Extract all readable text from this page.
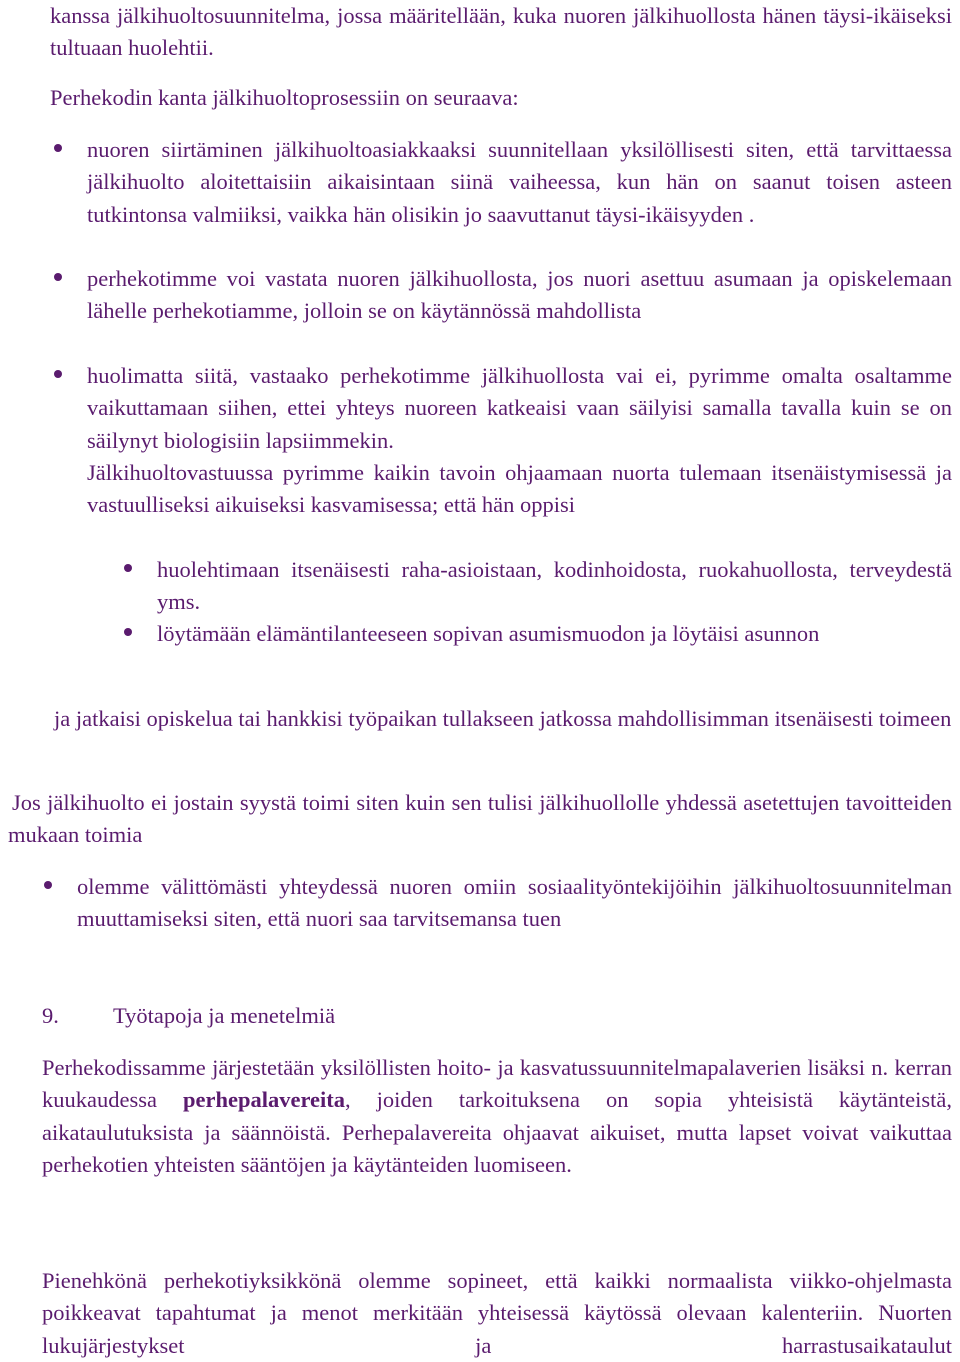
kanssa jälkihuoltosuunnitelma, jossa määritellään, kuka nuoren jälkihuollosta hänen täysi-ikäiseksi tultuaan huolehtii.

Perhekodin kanta jälkihuoltoprosessiin on seuraava:

nuoren siirtäminen jälkihuoltoasiakkaaksi suunnitellaan yksilöllisesti siten, että tarvittaessa jälkihuolto aloitettaisiin aikaisintaan siinä vaiheessa, kun hän on saanut toisen asteen tutkintonsa valmiiksi, vaikka hän olisikin jo saavuttanut täysi-ikäisyyden .

perhekotimme voi vastata nuoren jälkihuollosta, jos nuori asettuu asumaan ja opiskelemaan lähelle perhekotiamme, jolloin se on käytännössä mahdollista

huolimatta siitä, vastaako perhekotimme jälkihuollosta vai ei, pyrimme omalta osaltamme vaikuttamaan siihen, ettei yhteys nuoreen katkeaisi vaan säilyisi samalla tavalla kuin se on säilynyt biologisiin lapsiimmekin.

Jälkihuoltovastuussa pyrimme kaikin tavoin ohjaamaan nuorta tulemaan itsenäistymisessä ja vastuulliseksi aikuiseksi kasvamisessa; että hän oppisi

huolehtimaan itsenäisesti raha-asioistaan, kodinhoidosta, ruokahuollosta, terveydestä yms.

löytämään elämäntilanteeseen sopivan asumismuodon ja löytäisi asunnon

ja jatkaisi opiskelua tai hankkisi työpaikan tullakseen jatkossa mahdollisimman itsenäisesti toimeen

Jos jälkihuolto ei jostain syystä toimi siten kuin sen tulisi jälkihuollolle yhdessä asetettujen tavoitteiden mukaan toimia

olemme välittömästi yhteydessä nuoren omiin sosiaalityöntekijöihin jälkihuoltosuunnitelman muuttamiseksi siten, että nuori saa tarvitsemansa tuen

9. Työtapoja ja menetelmiä

Perhekodissamme järjestetään yksilöllisten hoito- ja kasvatussuunnitelmapalaverien lisäksi n. kerran kuukaudessa perhepalavereita, joiden tarkoituksena on sopia yhteisistä käytänteistä, aikataulutuksista ja säännöistä. Perhepalavereita ohjaavat aikuiset, mutta lapset voivat vaikuttaa perhekotien yhteisten sääntöjen ja käytänteiden luomiseen.

Pienehkönä perhekotiyksikkönä olemme sopineet, että kaikki normaalista viikko-ohjelmasta poikkeavat tapahtumat ja menot merkitään yhteisessä käytössä olevaan kalenteriin. Nuorten lukujärjestykset ja harrastusaikataulut
